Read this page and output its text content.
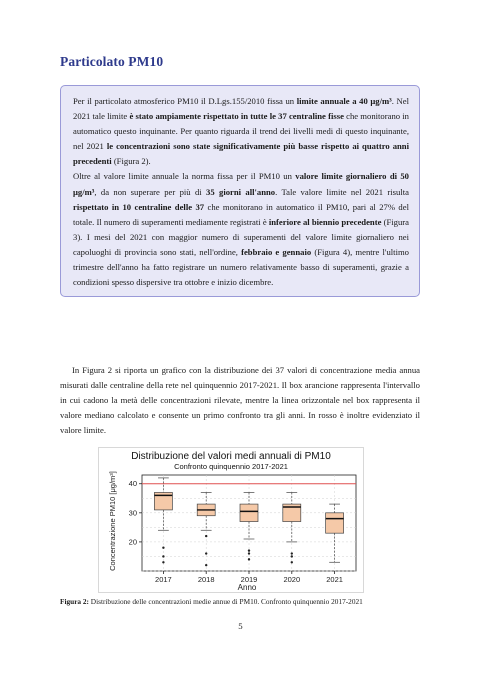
Particolato PM10

Per il particolato atmosferico PM10 il D.Lgs.155/2010 fissa un limite annuale a 40 μg/m³. Nel 2021 tale limite è stato ampiamente rispettato in tutte le 37 centraline fisse che monitorano in automatico questo inquinante. Per quanto riguarda il trend dei livelli medi di questo inquinante, nel 2021 le concentrazioni sono state significativamente più basse rispetto ai quattro anni precedenti (Figura 2).

Oltre al valore limite annuale la norma fissa per il PM10 un valore limite giornaliero di 50 μg/m³, da non superare per più di 35 giorni all'anno. Tale valore limite nel 2021 risulta rispettato in 10 centraline delle 37 che monitorano in automatico il PM10, pari al 27% del totale. Il numero di superamenti mediamente registrati è inferiore al biennio precedente (Figura 3). I mesi del 2021 con maggior numero di superamenti del valore limite giornaliero nei capoluoghi di provincia sono stati, nell'ordine, febbraio e gennaio (Figura 4), mentre l'ultimo trimestre dell'anno ha fatto registrare un numero relativamente basso di superamenti, grazie a condizioni spesso dispersive tra ottobre e inizio dicembre.

In Figura 2 si riporta un grafico con la distribuzione dei 37 valori di concentrazione media annua misurati dalle centraline della rete nel quinquennio 2017-2021. Il box arancione rappresenta l'intervallo in cui cadono la metà delle concentrazioni rilevate, mentre la linea orizzontale nel box rappresenta il valore mediano calcolato e consente un primo confronto tra gli anni. In rosso è inoltre evidenziato il valore limite.

Distribuzione del valori medi annuali di PM10
Confronto quinquennio 2017-2021
20
30
40
2017	2018	2019	2020	2021
Anno
Concentrazione PM10 [μg/m³]

Figura 2: Distribuzione delle concentrazioni medie annue di PM10. Confronto quinquennio 2017-2021

5
